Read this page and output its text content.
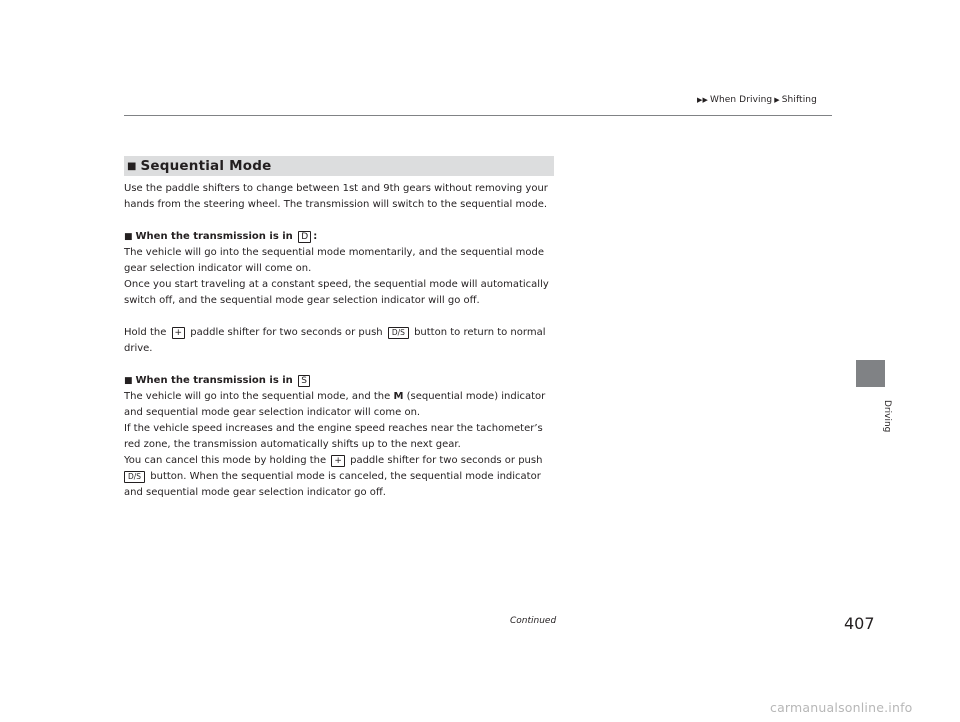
▶▶ When Driving ▶ Shifting
Driving
■ Sequential Mode

Use the paddle shifters to change between 1st and 9th gears without removing your

hands from the steering wheel. The transmission will switch to the sequential mode.

■ When the transmission is in D :

The vehicle will go into the sequential mode momentarily, and the sequential mode

gear selection indicator will come on.

Once you start traveling at a constant speed, the sequential mode will automatically

switch off, and the sequential mode gear selection indicator will go off.

Hold the + paddle shifter for two seconds or push D/S button to return to normal

drive.

■ When the transmission is in S

The vehicle will go into the sequential mode, and the M (sequential mode) indicator

and sequential mode gear selection indicator will come on.

If the vehicle speed increases and the engine speed reaches near the tachometer’s

red zone, the transmission automatically shifts up to the next gear.

You can cancel this mode by holding the + paddle shifter for two seconds or push

D/S button. When the sequential mode is canceled, the sequential mode indicator

and sequential mode gear selection indicator go off.

Continued	407
carmanualsonline.info
